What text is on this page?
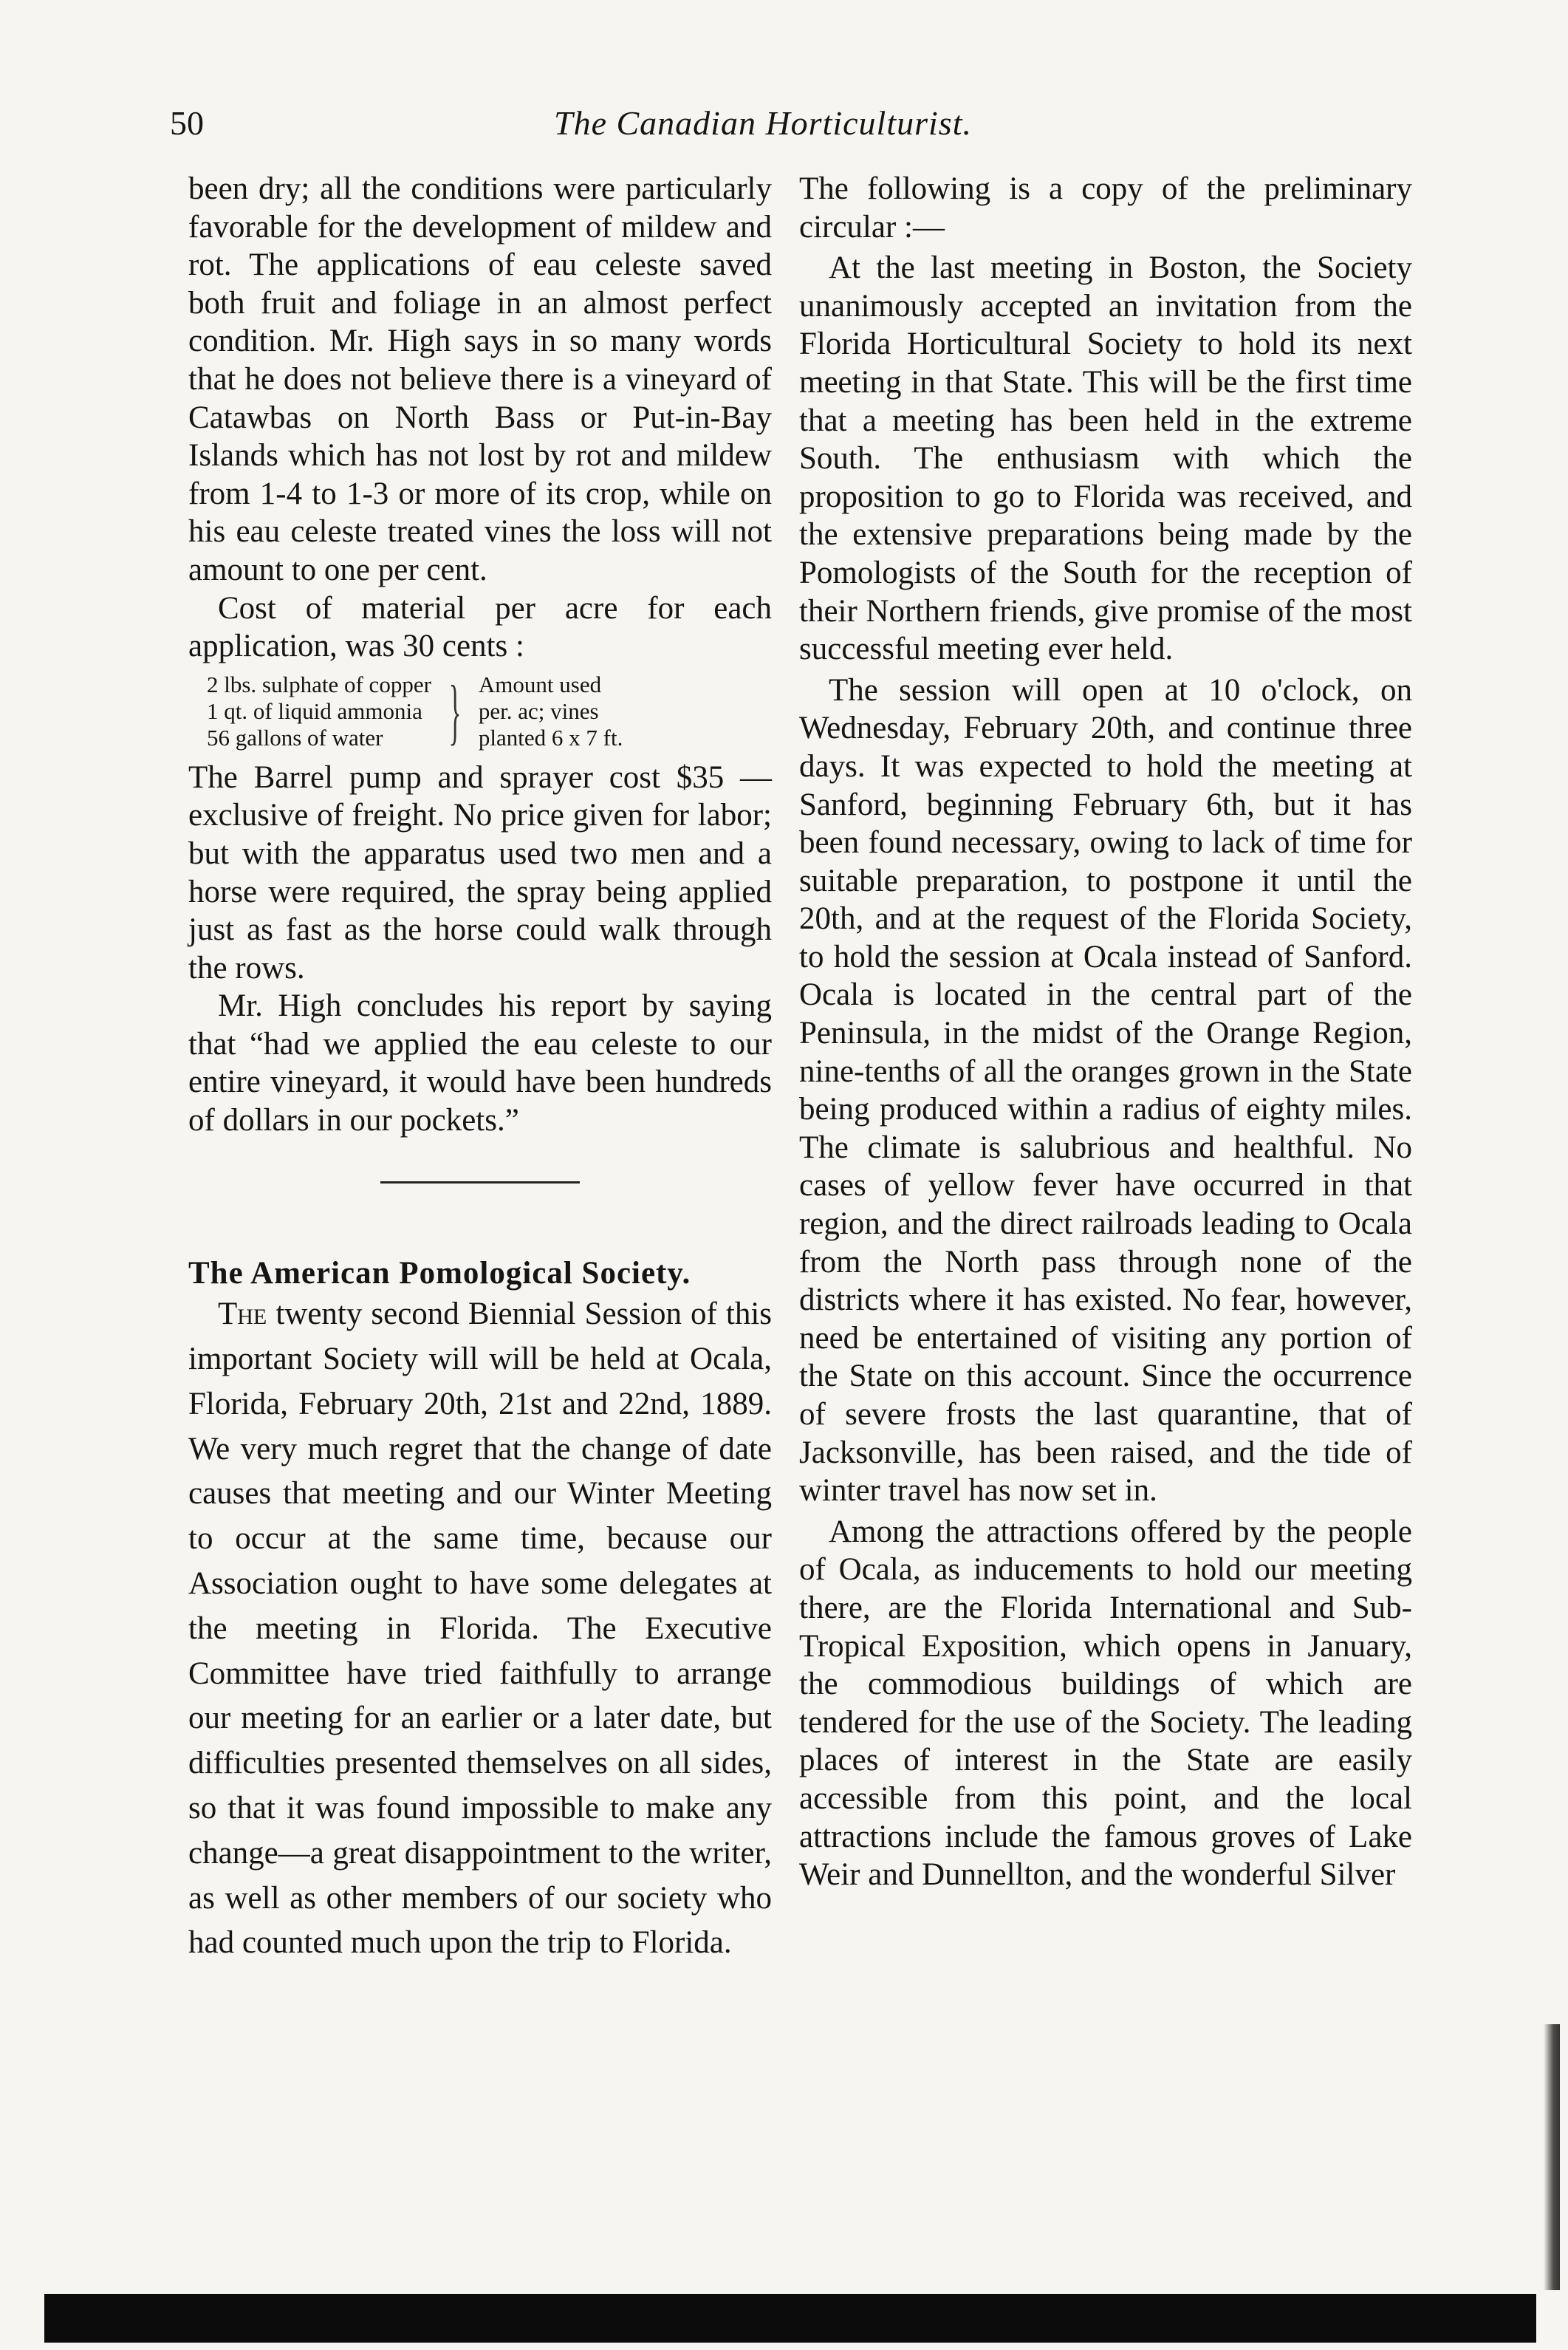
50	The Canadian Horticulturist.

been dry; all the conditions were particularly favorable for the development of mildew and rot. The applications of eau celeste saved both fruit and foliage in an almost perfect condition. Mr. High says in so many words that he does not believe there is a vineyard of Catawbas on North Bass or Put-in-Bay Islands which has not lost by rot and mildew from 1-4 to 1-3 or more of its crop, while on his eau celeste treated vines the loss will not amount to one per cent.

Cost of material per acre for each application, was 30 cents :

2 lbs. sulphate of copper
1 qt. of liquid ammonia
56 gallons of water } Amount used
per. ac; vines
planted 6 x 7 ft.

The Barrel pump and sprayer cost $35 —exclusive of freight. No price given for labor; but with the apparatus used two men and a horse were required, the spray being applied just as fast as the horse could walk through the rows.

Mr. High concludes his report by saying that “had we applied the eau celeste to our entire vineyard, it would have been hundreds of dollars in our pockets.”

The American Pomological Society.

The twenty second Biennial Session of this important Society will will be held at Ocala, Florida, February 20th, 21st and 22nd, 1889. We very much regret that the change of date causes that meeting and our Winter Meeting to occur at the same time, because our Association ought to have some delegates at the meeting in Florida. The Executive Committee have tried faithfully to arrange our meeting for an earlier or a later date, but difficulties presented themselves on all sides, so that it was found impossible to make any change—a great disappointment to the writer, as well as other members of our society who had counted much upon the trip to Florida.

The following is a copy of the preliminary circular :—

At the last meeting in Boston, the Society unanimously accepted an invitation from the Florida Horticultural Society to hold its next meeting in that State. This will be the first time that a meeting has been held in the extreme South. The enthusiasm with which the proposition to go to Florida was received, and the extensive preparations being made by the Pomologists of the South for the reception of their Northern friends, give promise of the most successful meeting ever held.

The session will open at 10 o'clock, on Wednesday, February 20th, and continue three days. It was expected to hold the meeting at Sanford, beginning February 6th, but it has been found necessary, owing to lack of time for suitable preparation, to postpone it until the 20th, and at the request of the Florida Society, to hold the session at Ocala instead of Sanford. Ocala is located in the central part of the Peninsula, in the midst of the Orange Region, nine-tenths of all the oranges grown in the State being produced within a radius of eighty miles. The climate is salubrious and healthful. No cases of yellow fever have occurred in that region, and the direct railroads leading to Ocala from the North pass through none of the districts where it has existed. No fear, however, need be entertained of visiting any portion of the State on this account. Since the occurrence of severe frosts the last quarantine, that of Jacksonville, has been raised, and the tide of winter travel has now set in.

Among the attractions offered by the people of Ocala, as inducements to hold our meeting there, are the Florida International and Sub-Tropical Exposition, which opens in January, the commodious buildings of which are tendered for the use of the Society. The leading places of interest in the State are easily accessible from this point, and the local attractions include the famous groves of Lake Weir and Dunnellton, and the wonderful Silver
